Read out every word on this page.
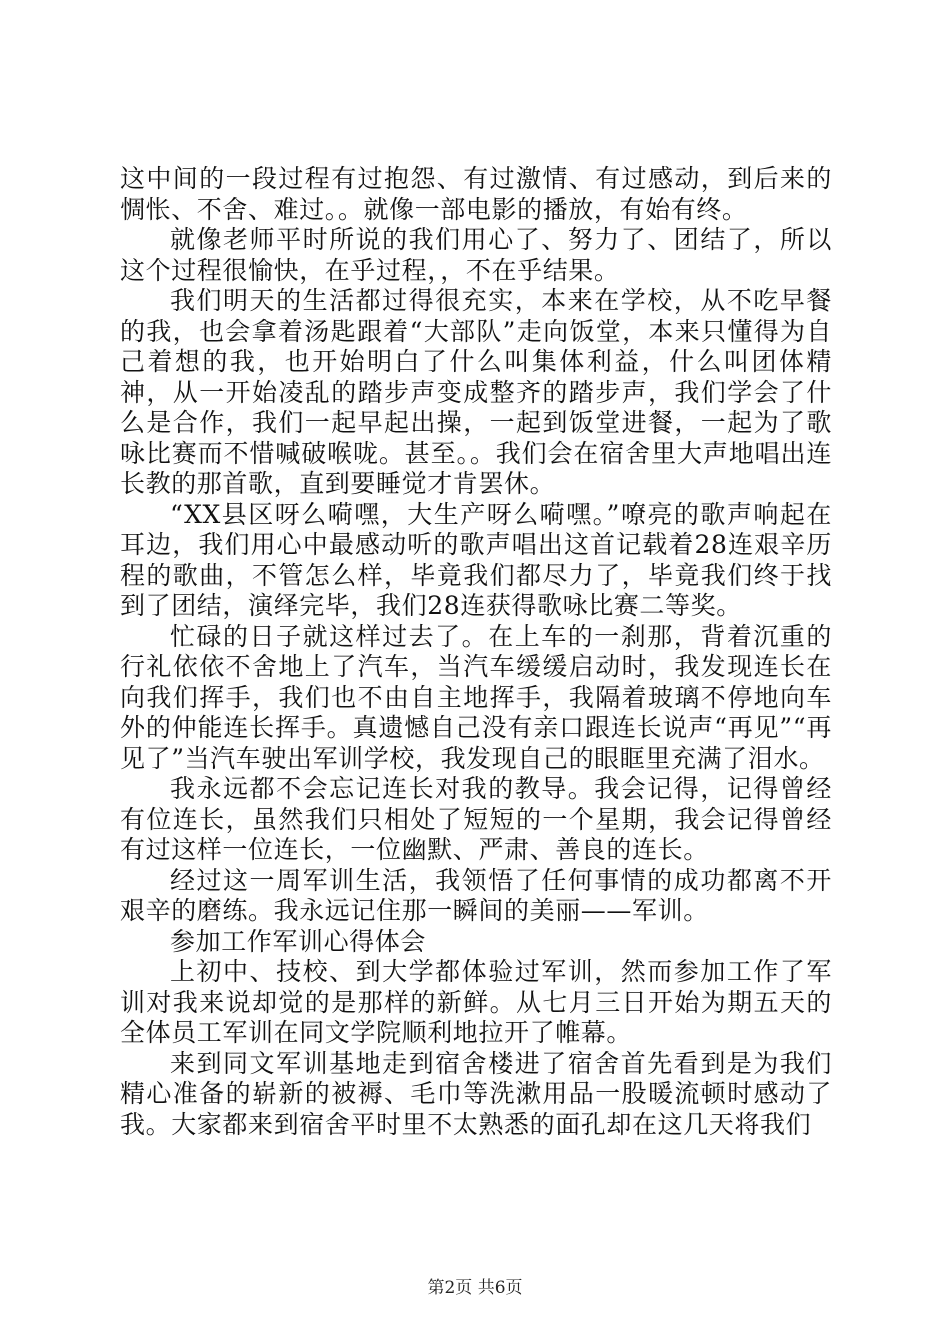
这中间的一段过程有过抱怨、有过激情、有过感动，到后来的惆怅、不舍、难过。。就像一部电影的播放，有始有终。

就像老师平时所说的我们用心了、努力了、团结了，所以这个过程很愉快，在乎过程，，不在乎结果。

我们明天的生活都过得很充实，本来在学校，从不吃早餐的我，也会拿着汤匙跟着“大部队”走向饭堂，本来只懂得为自己着想的我，也开始明白了什么叫集体利益，什么叫团体精神，从一开始凌乱的踏步声变成整齐的踏步声，我们学会了什么是合作，我们一起早起出操，一起到饭堂进餐，一起为了歌咏比赛而不惜喊破喉咙。甚至。。我们会在宿舍里大声地唱出连长教的那首歌，直到要睡觉才肯罢休。

“XX县区呀么嗬嘿，大生产呀么嗬嘿。”嘹亮的歌声响起在耳边，我们用心中最感动听的歌声唱出这首记载着28连艰辛历程的歌曲，不管怎么样，毕竟我们都尽力了，毕竟我们终于找到了团结，演绎完毕，我们28连获得歌咏比赛二等奖。

忙碌的日子就这样过去了。在上车的一刹那，背着沉重的行礼依依不舍地上了汽车，当汽车缓缓启动时，我发现连长在向我们挥手，我们也不由自主地挥手，我隔着玻璃不停地向车外的仲能连长挥手。真遗憾自己没有亲口跟连长说声“再见”“再见了”当汽车驶出军训学校，我发现自己的眼眶里充满了泪水。

我永远都不会忘记连长对我的教导。我会记得，记得曾经有位连长，虽然我们只相处了短短的一个星期，我会记得曾经有过这样一位连长，一位幽默、严肃、善良的连长。

经过这一周军训生活，我领悟了任何事情的成功都离不开艰辛的磨练。我永远记住那一瞬间的美丽——军训。

参加工作军训心得体会

上初中、技校、到大学都体验过军训，然而参加工作了军训对我来说却觉的是那样的新鲜。从七月三日开始为期五天的全体员工军训在同文学院顺利地拉开了帷幕。

来到同文军训基地走到宿舍楼进了宿舍首先看到是为我们精心准备的崭新的被褥、毛巾等洗漱用品一股暖流顿时感动了我。大家都来到宿舍平时里不太熟悉的面孔却在这几天将我们

第2页 共6页
